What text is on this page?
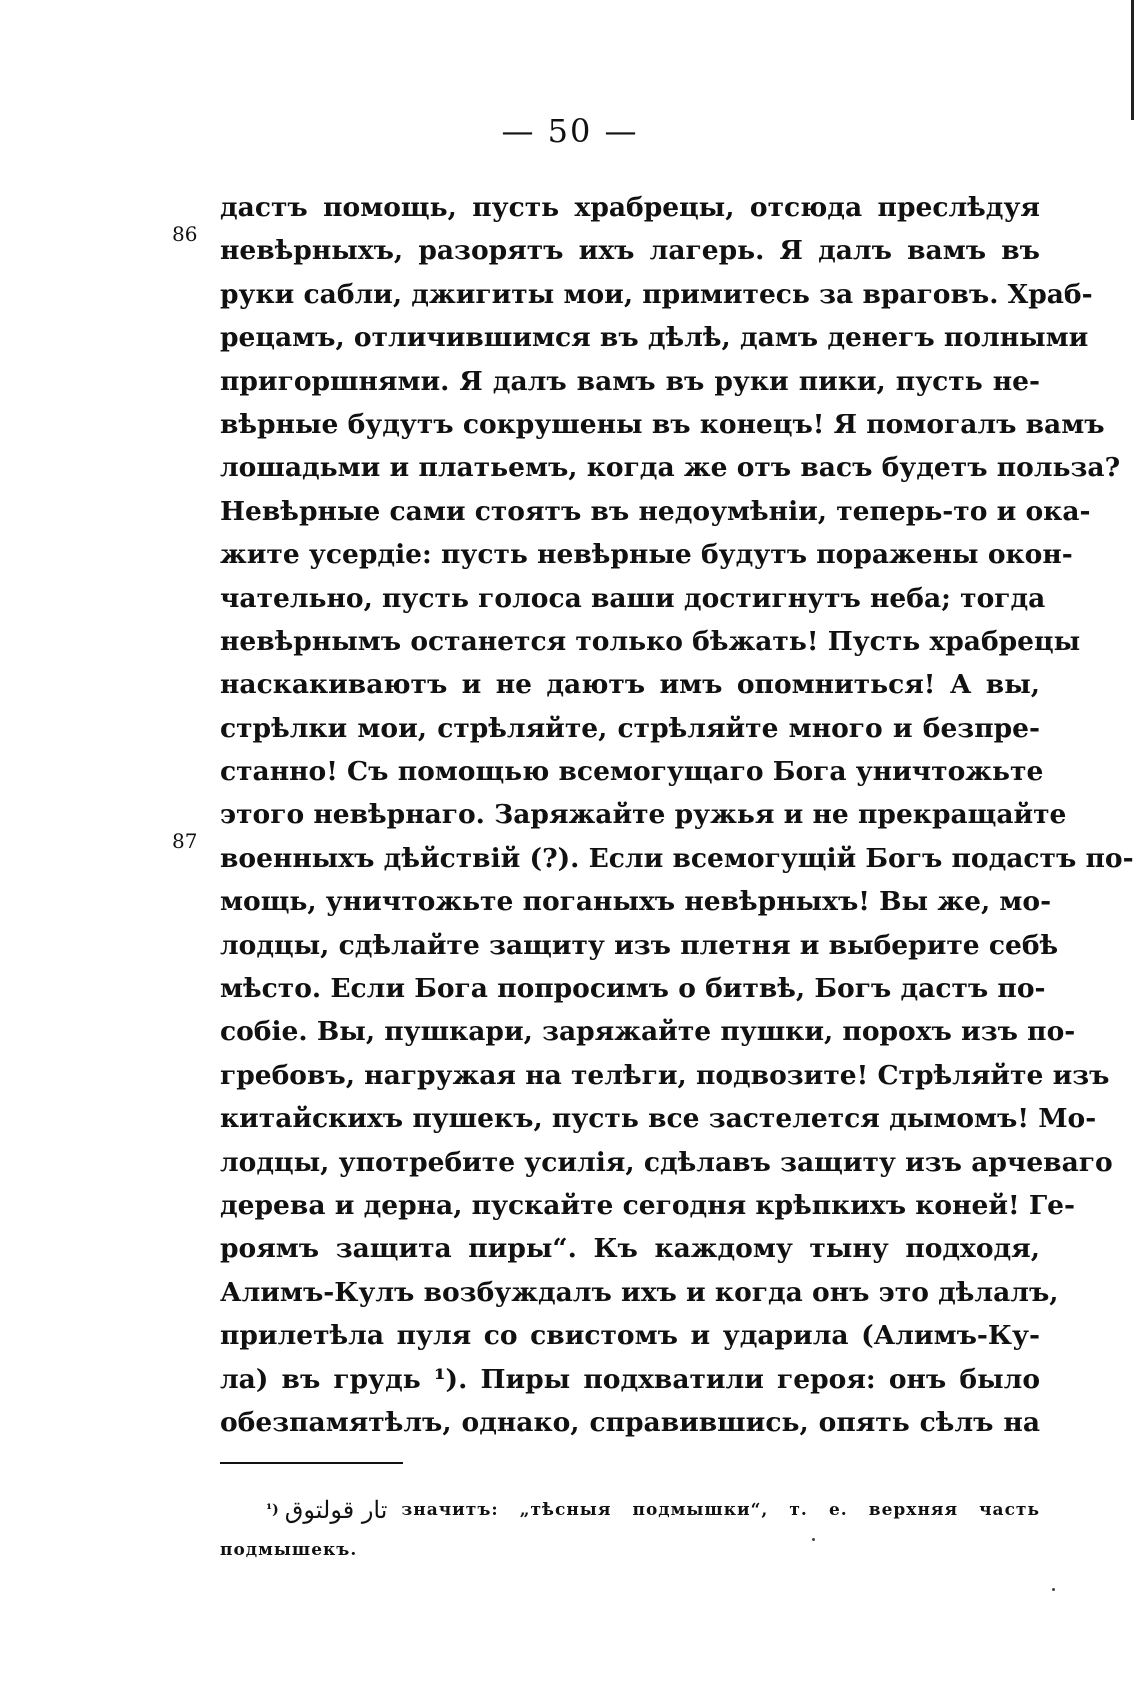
— 50 —
86
87
дастъ помощь, пусть храбрецы, отсюда преслѣдуя
невѣрныхъ, разорятъ ихъ лагерь. Я далъ вамъ въ
руки сабли, джигиты мои, примитесь за враговъ. Храб-
рецамъ, отличившимся въ дѣлѣ, дамъ денегъ полными
пригоршнями. Я далъ вамъ въ руки пики, пусть не-
вѣрные будутъ сокрушены въ конецъ! Я помогалъ вамъ
лошадьми и платьемъ, когда же отъ васъ будетъ польза?
Невѣрные сами стоятъ въ недоумѣніи, теперь-то и ока-
жите усердіе: пусть невѣрные будутъ поражены окон-
чательно, пусть голоса ваши достигнутъ неба; тогда
невѣрнымъ останется только бѣжать! Пусть храбрецы
наскакиваютъ и не даютъ имъ опомниться! А вы,
стрѣлки мои, стрѣляйте, стрѣляйте много и безпре-
станно! Съ помощью всемогущаго Бога уничтожьте
этого невѣрнаго. Заряжайте ружья и не прекращайте
военныхъ дѣйствій (?). Если всемогущій Богъ подастъ по-
мощь, уничтожьте поганыхъ невѣрныхъ! Вы же, мо-
лодцы, сдѣлайте защиту изъ плетня и выберите себѣ
мѣсто. Если Бога попросимъ о битвѣ, Богъ дастъ по-
собіе. Вы, пушкари, заряжайте пушки, порохъ изъ по-
гребовъ, нагружая на телѣги, подвозите! Стрѣляйте изъ
китайскихъ пушекъ, пусть все застелется дымомъ! Мо-
лодцы, употребите усилія, сдѣлавъ защиту изъ арчеваго
дерева и дерна, пускайте сегодня крѣпкихъ коней! Ге-
роямъ защита пиры“. Къ каждому тыну подходя,
Алимъ-Кулъ возбуждалъ ихъ и когда онъ это дѣлалъ,
прилетѣла пуля со свистомъ и ударила (Алимъ-Ку-
ла) въ грудь ¹). Пиры подхватили героя: онъ было
обезпамятѣлъ, однако, справившись, опять сѣлъ на
¹) تار قولتوق значитъ: „тѣсныя подмышки“, т. е. верхняя часть
подмышекъ.
